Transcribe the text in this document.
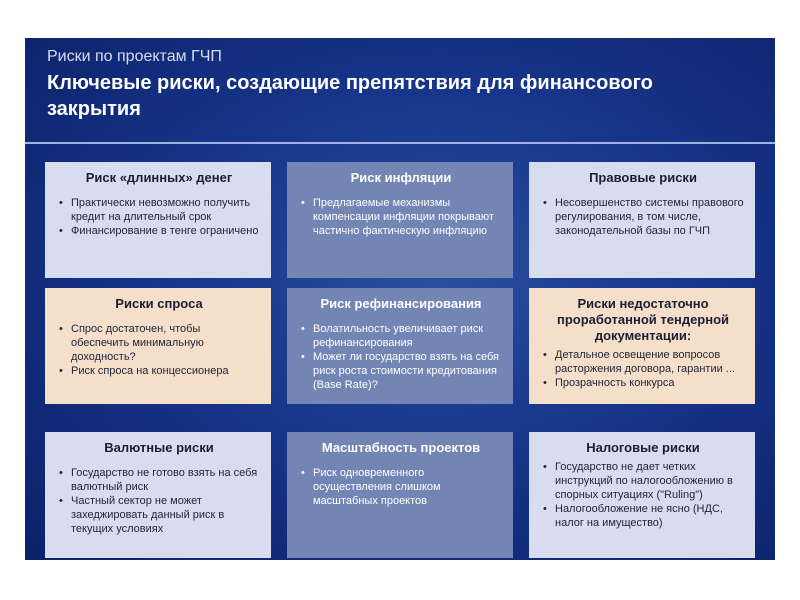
Риски по проектам ГЧП
Ключевые риски, создающие препятствия для финансового закрытия
Риск «длинных» денег
• Практически невозможно получить кредит на длительный срок
• Финансирование в тенге ограничено
Риск инфляции
• Предлагаемые механизмы компенсации инфляции покрывают частично фактическую инфляцию
Правовые риски
• Несовершенство системы правового регулирования, в том числе, законодательной базы по ГЧП
Риски спроса
• Спрос достаточен, чтобы обеспечить минимальную доходность?
• Риск спроса на концессионера
Риск рефинансирования
• Волатильность увеличивает риск рефинансирования
• Может ли государство взять на себя риск роста стоимости кредитования (Base Rate)?
Риски недостаточно проработанной тендерной документации:
• Детальное освещение вопросов расторжения договора, гарантии ...
• Прозрачность конкурса
Валютные риски
• Государство не готово взять на себя валютный риск
• Частный сектор не может захеджировать данный риск в текущих условиях
Масштабность проектов
• Риск одновременного осуществления слишком масштабных проектов
Налоговые риски
• Государство не дает четких инструкций по налогообложению в спорных ситуациях ("Ruling")
• Налогообложение не ясно (НДС, налог на имущество)
